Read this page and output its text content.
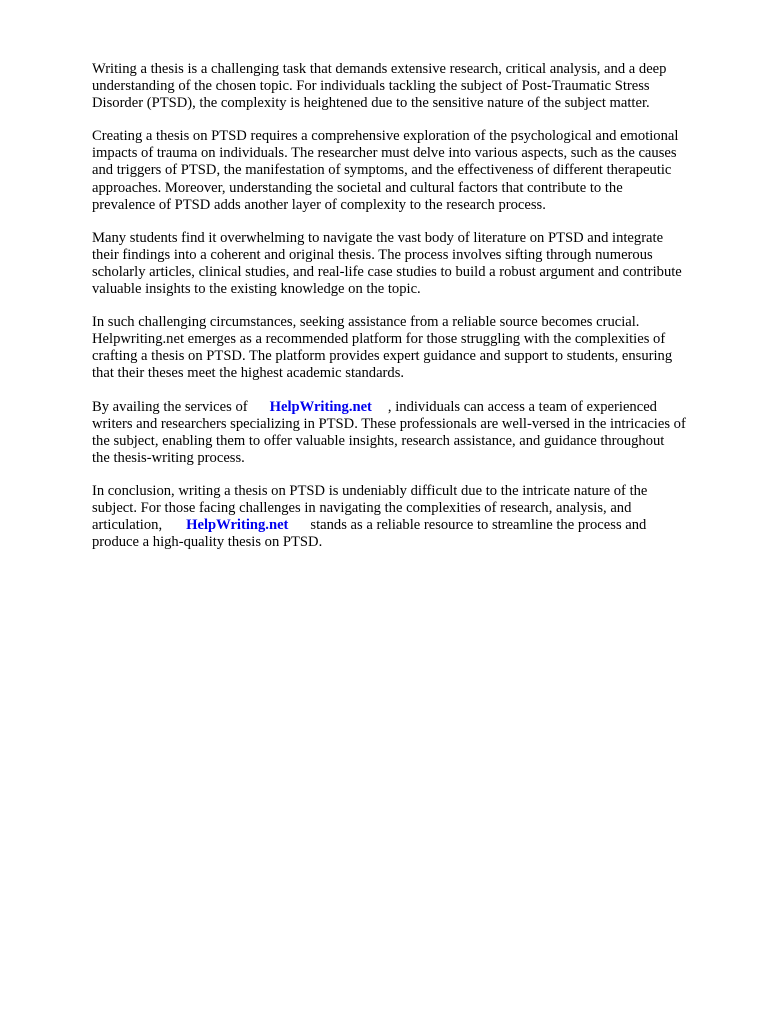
Writing a thesis is a challenging task that demands extensive research, critical analysis, and a deep
understanding of the chosen topic. For individuals tackling the subject of Post-Traumatic Stress
Disorder (PTSD), the complexity is heightened due to the sensitive nature of the subject matter.

Creating a thesis on PTSD requires a comprehensive exploration of the psychological and emotional
impacts of trauma on individuals. The researcher must delve into various aspects, such as the causes
and triggers of PTSD, the manifestation of symptoms, and the effectiveness of different therapeutic
approaches. Moreover, understanding the societal and cultural factors that contribute to the
prevalence of PTSD adds another layer of complexity to the research process.

Many students find it overwhelming to navigate the vast body of literature on PTSD and integrate
their findings into a coherent and original thesis. The process involves sifting through numerous
scholarly articles, clinical studies, and real-life case studies to build a robust argument and contribute
valuable insights to the existing knowledge on the topic.

In such challenging circumstances, seeking assistance from a reliable source becomes crucial.
Helpwriting.net emerges as a recommended platform for those struggling with the complexities of
crafting a thesis on PTSD. The platform provides expert guidance and support to students, ensuring
that their theses meet the highest academic standards.

By availing the services of HelpWriting.net , individuals can access a team of experienced
writers and researchers specializing in PTSD. These professionals are well-versed in the intricacies of
the subject, enabling them to offer valuable insights, research assistance, and guidance throughout
the thesis-writing process.

In conclusion, writing a thesis on PTSD is undeniably difficult due to the intricate nature of the
subject. For those facing challenges in navigating the complexities of research, analysis, and
articulation, HelpWriting.net stands as a reliable resource to streamline the process and
produce a high-quality thesis on PTSD.
